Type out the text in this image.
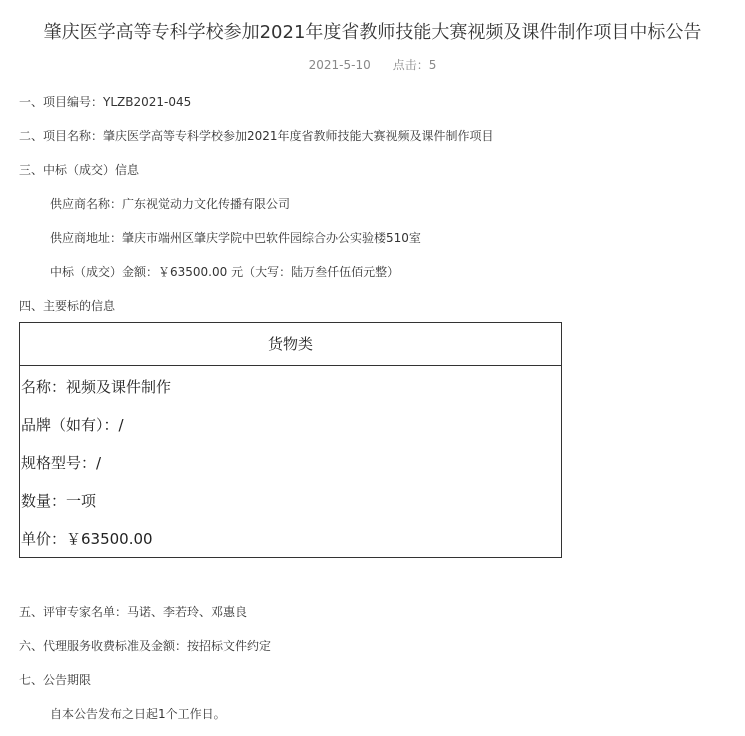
肇庆医学高等专科学校参加2021年度省教师技能大赛视频及课件制作项目中标公告
2021-5-10 点击：5
一、项目编号：YLZB2021-045
二、项目名称：肇庆医学高等专科学校参加2021年度省教师技能大赛视频及课件制作项目
三、中标（成交）信息
供应商名称：广东视觉动力文化传播有限公司
供应商地址：肇庆市端州区肇庆学院中巴软件园综合办公实验楼510室
中标（成交）金额：￥63500.00 元（大写：陆万叁仟伍佰元整）
四、主要标的信息
货物类
名称：视频及课件制作
品牌（如有）：/
规格型号：/
数量：一项
单价：￥63500.00
五、评审专家名单：马诺、李若玲、邓惠良
六、代理服务收费标准及金额：按招标文件约定
七、公告期限
自本公告发布之日起1个工作日。
